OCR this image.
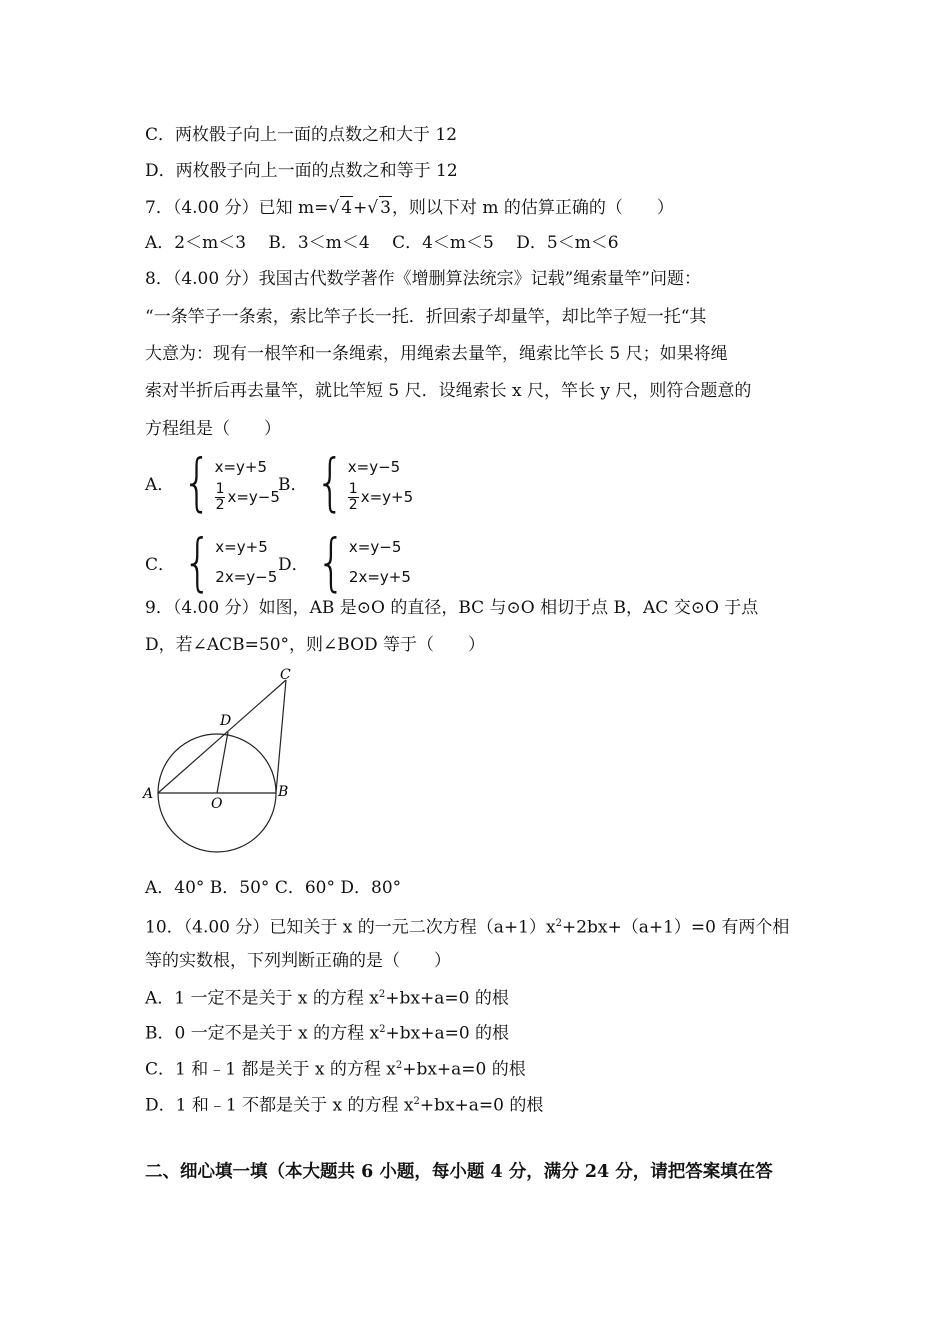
C．两枚骰子向上一面的点数之和大于 12
D．两枚骰子向上一面的点数之和等于 12
7．（4.00 分）已知 m=√ 4+√ 3，则以下对 m 的估算正确的（　　）
A．2＜m＜3　 B．3＜m＜4　 C．4＜m＜5　 D．5＜m＜6
8．（4.00 分）我国古代数学著作《增删算法统宗》记载”绳索量竿”问题：
“一条竿子一条索，索比竿子长一托．折回索子却量竿，却比竿子短一托“其
大意为：现有一根竿和一条绳索，用绳索去量竿，绳索比竿长 5 尺；如果将绳
索对半折后再去量竿，就比竿短 5 尺．设绳索长 x 尺，竿长 y 尺，则符合题意的
方程组是（　　）
A． { x=y+5
$\frac{1}{2} x=y-5$
B． { x=y−5
$\frac{1}{2} x=y+5$
C． { x=y+5
2x=y−5
D． { x=y−5
2x=y+5
9．（4.00 分）如图，AB 是⊙O 的直径，BC 与⊙O 相切于点 B，AC 交⊙O 于点
D，若∠ACB=50°，则∠BOD 等于（　　）
A	B
C
D
O
A．40° B．50° C．60° D．80°
10．（4.00 分）已知关于 x 的一元二次方程$(a+1)x^2+2bx+(a+1)=0$ 有两个相
等的实数根，下列判断正确的是（　　）
A．1 一定不是关于 x 的方程 $x^2+bx+a=0$ 的根
B．0 一定不是关于 x 的方程 $x^2+bx+a=0$ 的根
C．1 和﹣1 都是关于 x 的方程 $x^2+bx+a=0$ 的根
D．1 和﹣1 不都是关于 x 的方程 $x^2+bx+a=0$ 的根
二、细心填一填（本大题共 6 小题，每小题 4 分，满分 24 分，请把答案填在答
